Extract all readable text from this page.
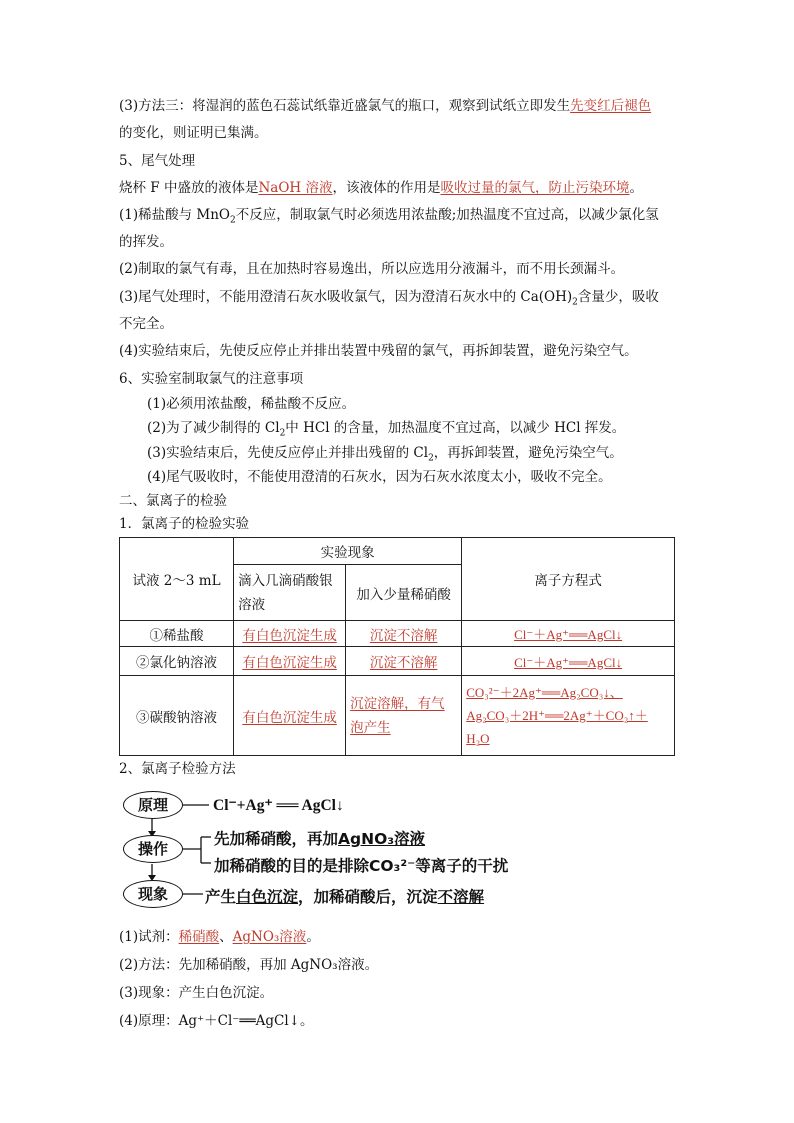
(3)方法三：将湿润的蓝色石蕊试纸靠近盛氯气的瓶口，观察到试纸立即发生先变红后褪色
的变化，则证明已集满。
5、尾气处理
烧杯 F 中盛放的液体是NaOH 溶液，该液体的作用是吸收过量的氯气，防止污染环境。
(1)稀盐酸与 MnO$_2$不反应，制取氯气时必须选用浓盐酸;加热温度不宜过高，以减少氯化氢
的挥发。
(2)制取的氯气有毒，且在加热时容易逸出，所以应选用分液漏斗，而不用长颈漏斗。
(3)尾气处理时，不能用澄清石灰水吸收氯气，因为澄清石灰水中的 $Ca(OH)_2$含量少，吸收
不完全。
(4)实验结束后，先使反应停止并排出装置中残留的氯气，再拆卸装置，避免污染空气。
6、实验室制取氯气的注意事项
(1)必须用浓盐酸，稀盐酸不反应。
(2)为了减少制得的 $Cl_2$中 HCl 的含量，加热温度不宜过高，以减少 HCl 挥发。
(3)实验结束后，先使反应停止并排出残留的 $Cl_2$，再拆卸装置，避免污染空气。
(4)尾气吸收时，不能使用澄清的石灰水，因为石灰水浓度太小，吸收不完全。
二、氯离子的检验
1．氯离子的检验实验
试液 2～3 mL	实验现象		离子方程式
	滴入几滴硝酸银溶液	加入少量稀硝酸	
①稀盐酸	有白色沉淀生成	沉淀不溶解	Cl⁻＋Ag⁺══AgCl↓
②氯化钠溶液	有白色沉淀生成	沉淀不溶解	Cl⁻＋Ag⁺══AgCl↓
③碳酸钠溶液	有白色沉淀生成	沉淀溶解，有气泡产生	CO₃²⁻＋2Ag⁺══Ag₂CO₃↓、
Ag₂CO₃＋2H⁺══2Ag⁺＋CO₂↑＋
H₂O
2、氯离子检验方法
原理
操作
现象
Cl⁻+Ag⁺ ══ AgCl↓
先加稀硝酸，再加AgNO₃溶液
加稀硝酸的目的是排除CO₃²⁻等离子的干扰
产生白色沉淀，加稀硝酸后，沉淀不溶解
(1)试剂：稀硝酸、AgNO₃溶液。
(2)方法：先加稀硝酸，再加 AgNO₃溶液。
(3)现象：产生白色沉淀。
(4)原理：Ag⁺＋Cl⁻══AgCl↓。
